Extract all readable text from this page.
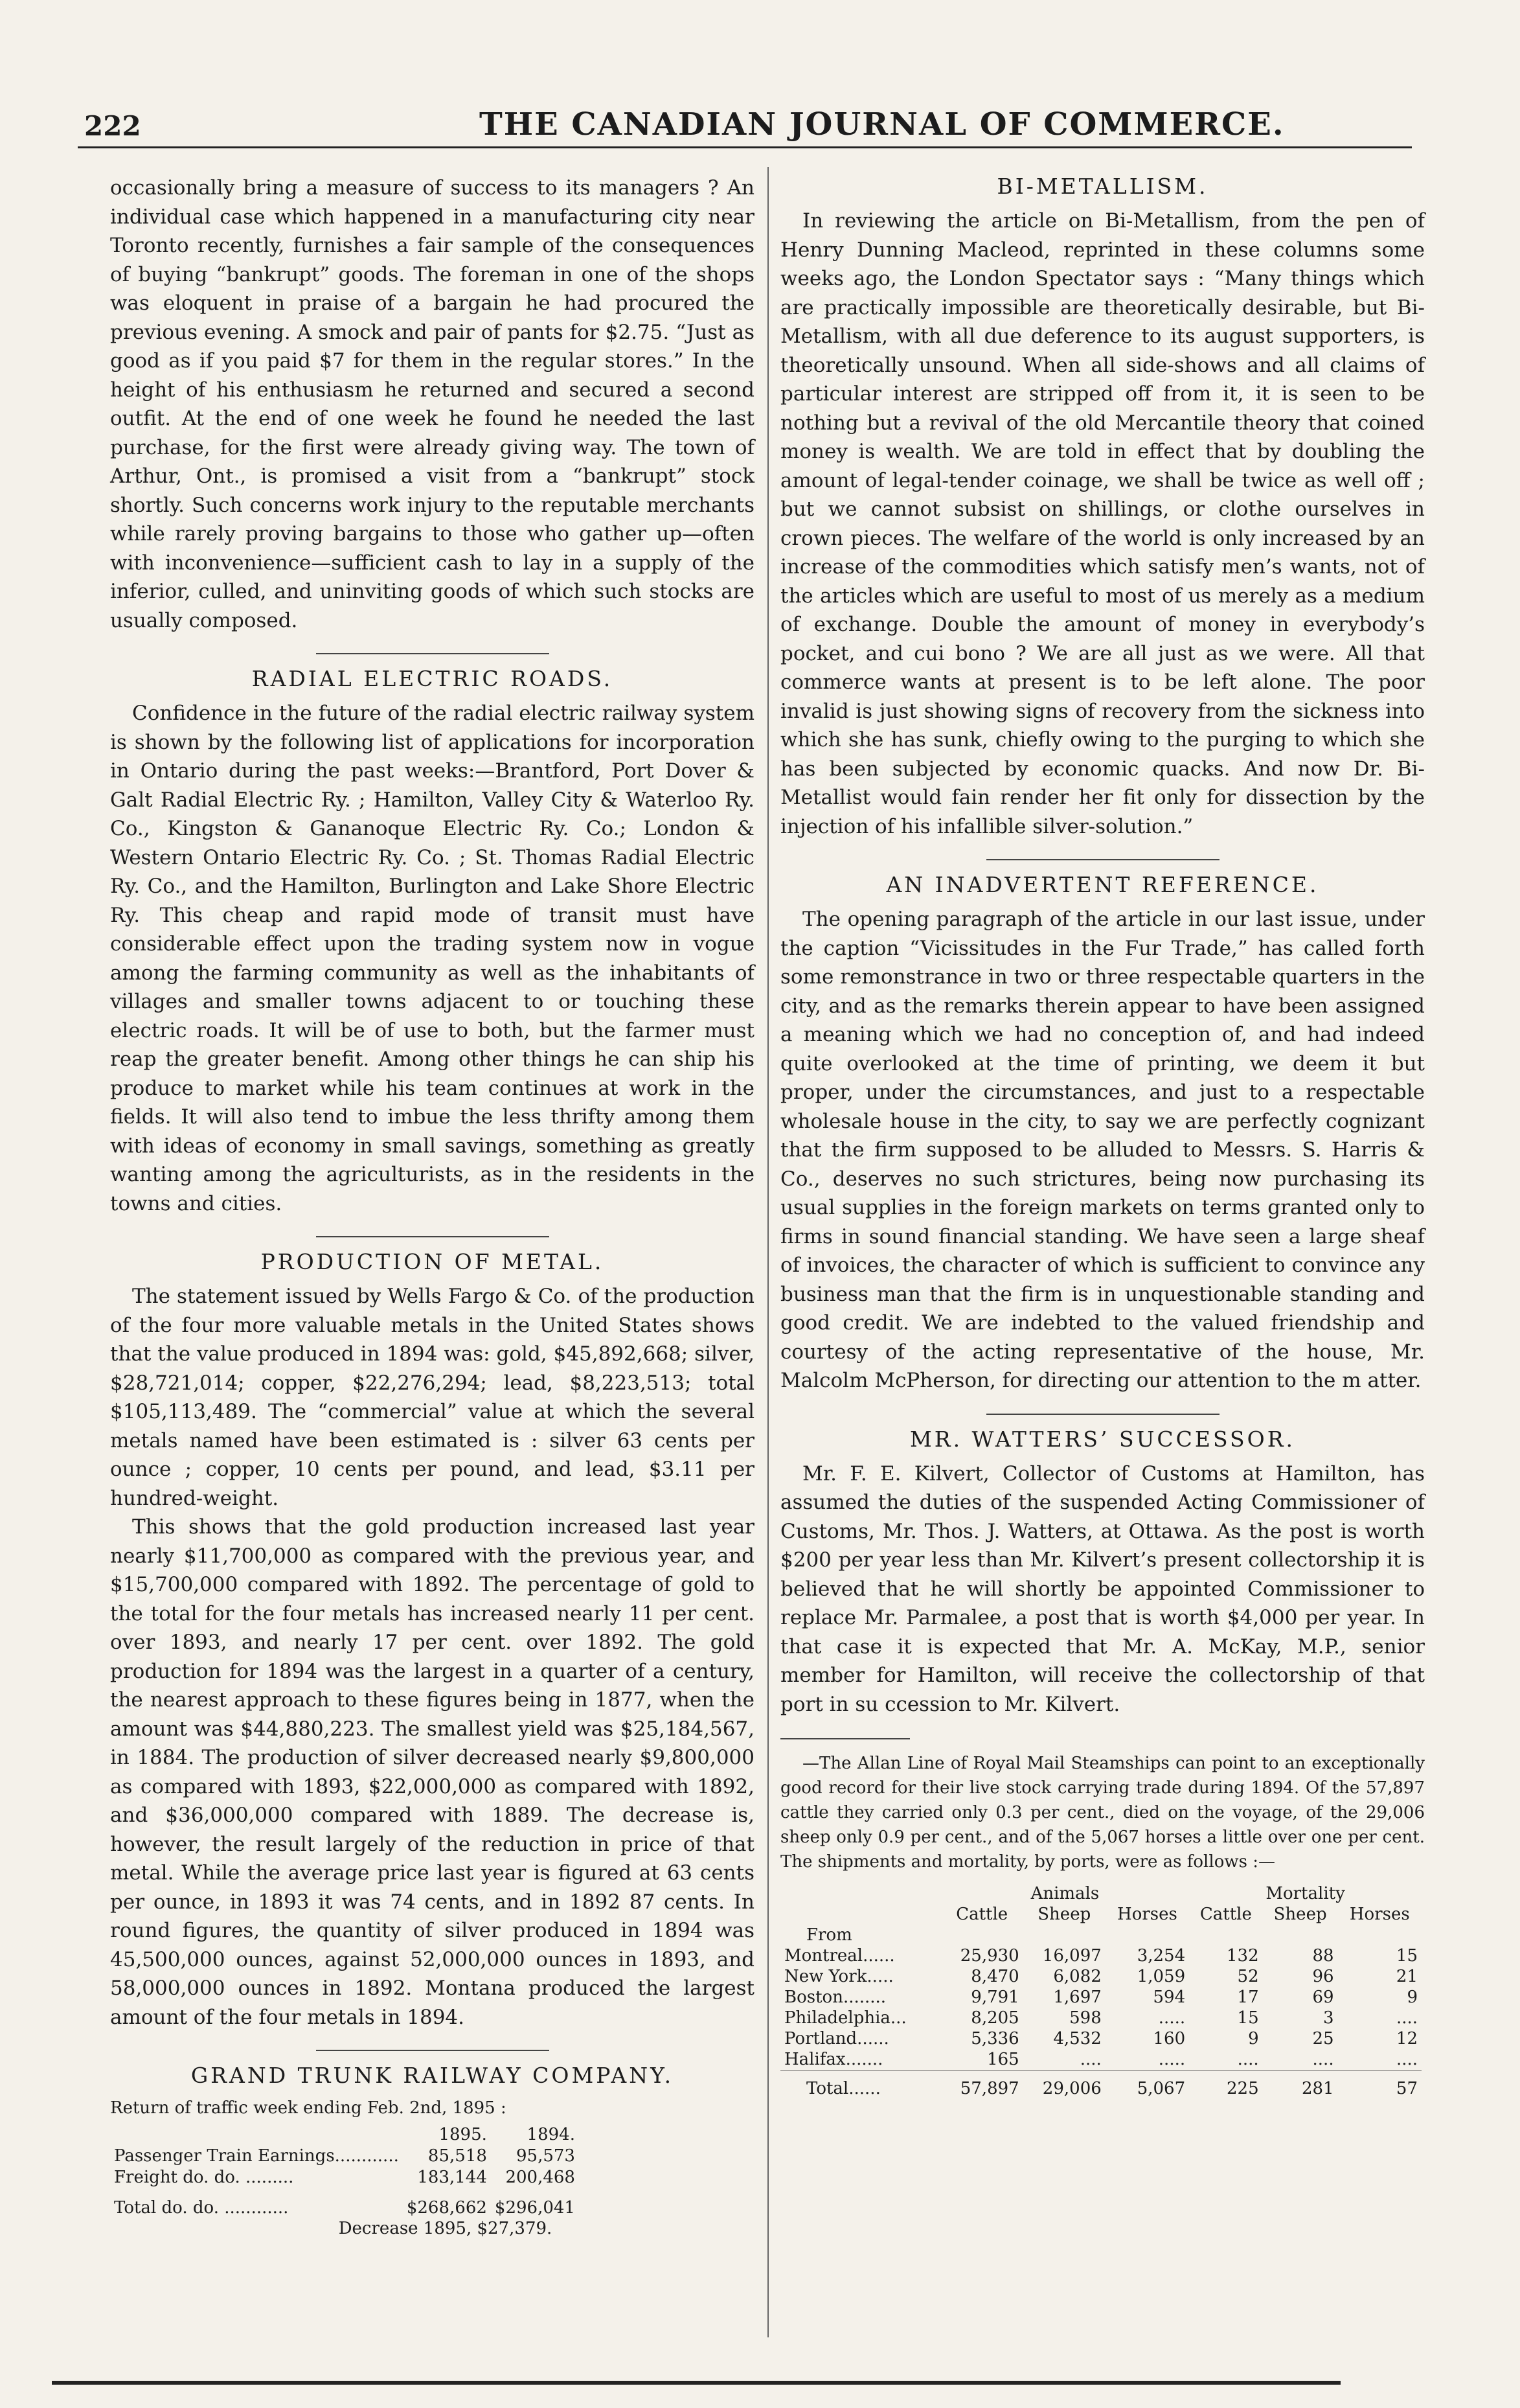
222	THE CANADIAN JOURNAL OF COMMERCE.

occasionally bring a measure of success to its managers ? An individual case which happened in a manufacturing city near Toronto recently, furnishes a fair sample of the consequences of buying “bankrupt” goods. The foreman in one of the shops was eloquent in praise of a bargain he had procured the previous evening. A smock and pair of pants for $2.75. “Just as good as if you paid $7 for them in the regular stores.” In the height of his enthusiasm he returned and secured a second outfit. At the end of one week he found he needed the last purchase, for the first were already giving way. The town of Arthur, Ont., is promised a visit from a “bankrupt” stock shortly. Such concerns work injury to the reputable merchants while rarely proving bargains to those who gather up—often with inconvenience—sufficient cash to lay in a supply of the inferior, culled, and uninviting goods of which such stocks are usually composed.

RADIAL ELECTRIC ROADS.

Confidence in the future of the radial electric railway system is shown by the following list of applications for incorporation in Ontario during the past weeks:—Brantford, Port Dover & Galt Radial Electric Ry. ; Hamilton, Valley City & Waterloo Ry. Co., Kingston & Gananoque Electric Ry. Co.; London & Western Ontario Electric Ry. Co. ; St. Thomas Radial Electric Ry. Co., and the Hamilton, Burlington and Lake Shore Electric Ry. This cheap and rapid mode of transit must have considerable effect upon the trading system now in vogue among the farming community as well as the inhabitants of villages and smaller towns adjacent to or touching these electric roads. It will be of use to both, but the farmer must reap the greater benefit. Among other things he can ship his produce to market while his team continues at work in the fields. It will also tend to imbue the less thrifty among them with ideas of economy in small savings, something as greatly wanting among the agriculturists, as in the residents in the towns and cities.

PRODUCTION OF METAL.

The statement issued by Wells Fargo & Co. of the production of the four more valuable metals in the United States shows that the value produced in 1894 was: gold, $45,892,668; silver, $28,721,014; copper, $22,276,294; lead, $8,223,513; total $105,113,489. The “commercial” value at which the several metals named have been estimated is : silver 63 cents per ounce ; copper, 10 cents per pound, and lead, $3.11 per hundred-weight.

This shows that the gold production increased last year nearly $11,700,000 as compared with the previous year, and $15,700,000 compared with 1892. The percentage of gold to the total for the four metals has increased nearly 11 per cent. over 1893, and nearly 17 per cent. over 1892. The gold production for 1894 was the largest in a quarter of a century, the nearest approach to these figures being in 1877, when the amount was $44,880,223. The smallest yield was $25,184,567, in 1884. The production of silver decreased nearly $9,800,000 as compared with 1893, $22,000,000 as compared with 1892, and $36,000,000 compared with 1889. The decrease is, however, the result largely of the reduction in price of that metal. While the average price last year is figured at 63 cents per ounce, in 1893 it was 74 cents, and in 1892 87 cents. In round figures, the quantity of silver produced in 1894 was 45,500,000 ounces, against 52,000,000 ounces in 1893, and 58,000,000 ounces in 1892. Montana produced the largest amount of the four metals in 1894.

GRAND TRUNK RAILWAY COMPANY.

Return of traffic week ending Feb. 2nd, 1895 :

	1895.	1894.
Passenger Train Earnings............	85,518	95,573
Freight do. do. .........	183,144	200,468
Total do. do. ............	$268,662	$296,041
Decrease 1895, $27,379.
BI-METALLISM.

In reviewing the article on Bi-Metallism, from the pen of Henry Dunning Macleod, reprinted in these columns some weeks ago, the London Spectator says : “Many things which are practically impossible are theoretically desirable, but Bi-Metallism, with all due deference to its august supporters, is theoretically unsound. When all side-shows and all claims of particular interest are stripped off from it, it is seen to be nothing but a revival of the old Mercantile theory that coined money is wealth. We are told in effect that by doubling the amount of legal-tender coinage, we shall be twice as well off ; but we cannot subsist on shillings, or clothe ourselves in crown pieces. The welfare of the world is only increased by an increase of the commodities which satisfy men’s wants, not of the articles which are useful to most of us merely as a medium of exchange. Double the amount of money in everybody’s pocket, and cui bono ? We are all just as we were. All that commerce wants at present is to be left alone. The poor invalid is just showing signs of recovery from the sickness into which she has sunk, chiefly owing to the purging to which she has been subjected by economic quacks. And now Dr. Bi-Metallist would fain render her fit only for dissection by the injection of his infallible silver-solution.”

AN INADVERTENT REFERENCE.

The opening paragraph of the article in our last issue, under the caption “Vicissitudes in the Fur Trade,” has called forth some remonstrance in two or three respectable quarters in the city, and as the remarks therein appear to have been assigned a meaning which we had no conception of, and had indeed quite overlooked at the time of printing, we deem it but proper, under the circumstances, and just to a respectable wholesale house in the city, to say we are perfectly cognizant that the firm supposed to be alluded to Messrs. S. Harris & Co., deserves no such strictures, being now purchasing its usual supplies in the foreign markets on terms granted only to firms in sound financial standing. We have seen a large sheaf of invoices, the character of which is sufficient to convince any business man that the firm is in unquestionable standing and good credit. We are indebted to the valued friendship and courtesy of the acting representative of the house, Mr. Malcolm McPherson, for directing our attention to the m atter.

MR. WATTERS’ SUCCESSOR.

Mr. F. E. Kilvert, Collector of Customs at Hamilton, has assumed the duties of the suspended Acting Commissioner of Customs, Mr. Thos. J. Watters, at Ottawa. As the post is worth $200 per year less than Mr. Kilvert’s present collectorship it is believed that he will shortly be appointed Commissioner to replace Mr. Parmalee, a post that is worth $4,000 per year. In that case it is expected that Mr. A. McKay, M.P., senior member for Hamilton, will receive the collectorship of that port in su ccession to Mr. Kilvert.

—The Allan Line of Royal Mail Steamships can point to an exceptionally good record for their live stock carrying trade during 1894. Of the 57,897 cattle they carried only 0.3 per cent., died on the voyage, of the 29,006 sheep only 0.9 per cent., and of the 5,067 horses a little over one per cent. The shipments and mortality, by ports, were as follows :—

	Animals			Mortality		
	Cattle	Sheep	Horses	Cattle	Sheep	Horses
From						
Montreal......	25,930	16,097	3,254	132	88	15
New York.....	8,470	6,082	1,059	52	96	21
Boston........	9,791	1,697	594	17	69	9
Philadelphia...	8,205	598	.....	15	3	....
Portland......	5,336	4,532	160	9	25	12
Halifax.......	165	....	.....	....	....	....
Total......	57,897	29,006	5,067	225	281	57
